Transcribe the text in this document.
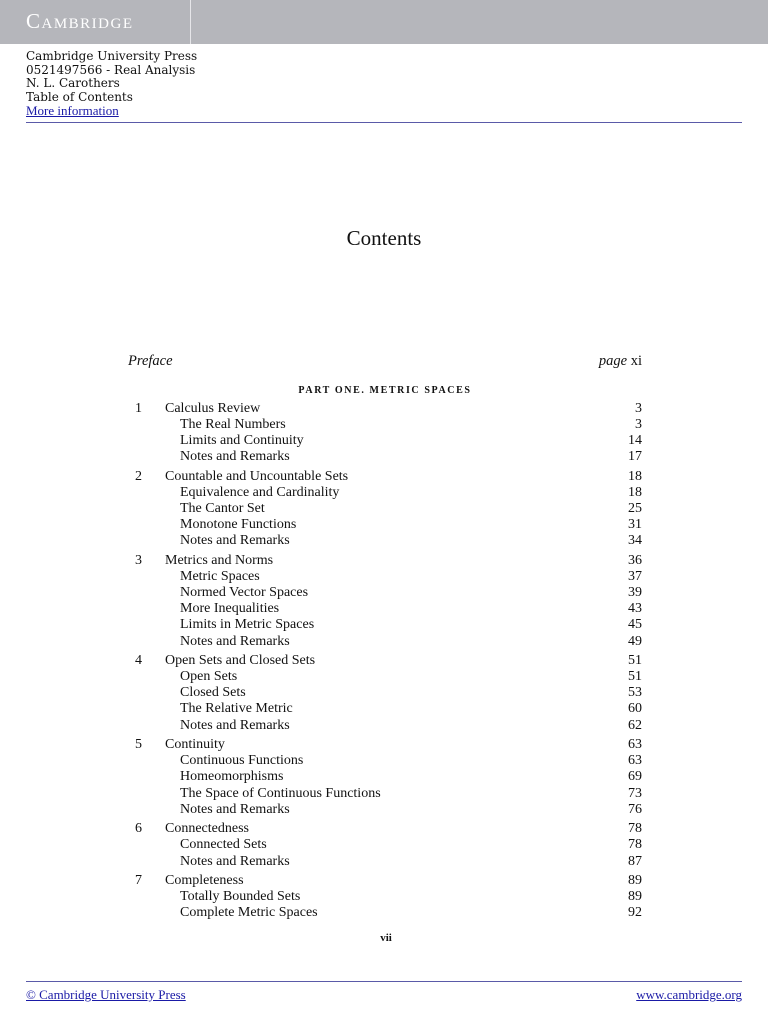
Cambridge
Cambridge University Press
0521497566 - Real Analysis
N. L. Carothers
Table of Contents
More information
Contents
Preface	page xi
PART ONE. METRIC SPACES
1 Calculus Review	3
The Real Numbers	3
Limits and Continuity	14
Notes and Remarks	17
2 Countable and Uncountable Sets	18
Equivalence and Cardinality	18
The Cantor Set	25
Monotone Functions	31
Notes and Remarks	34
3 Metrics and Norms	36
Metric Spaces	37
Normed Vector Spaces	39
More Inequalities	43
Limits in Metric Spaces	45
Notes and Remarks	49
4 Open Sets and Closed Sets	51
Open Sets	51
Closed Sets	53
The Relative Metric	60
Notes and Remarks	62
5 Continuity	63
Continuous Functions	63
Homeomorphisms	69
The Space of Continuous Functions	73
Notes and Remarks	76
6 Connectedness	78
Connected Sets	78
Notes and Remarks	87
7 Completeness	89
Totally Bounded Sets	89
Complete Metric Spaces	92
vii
© Cambridge University Press	www.cambridge.org
